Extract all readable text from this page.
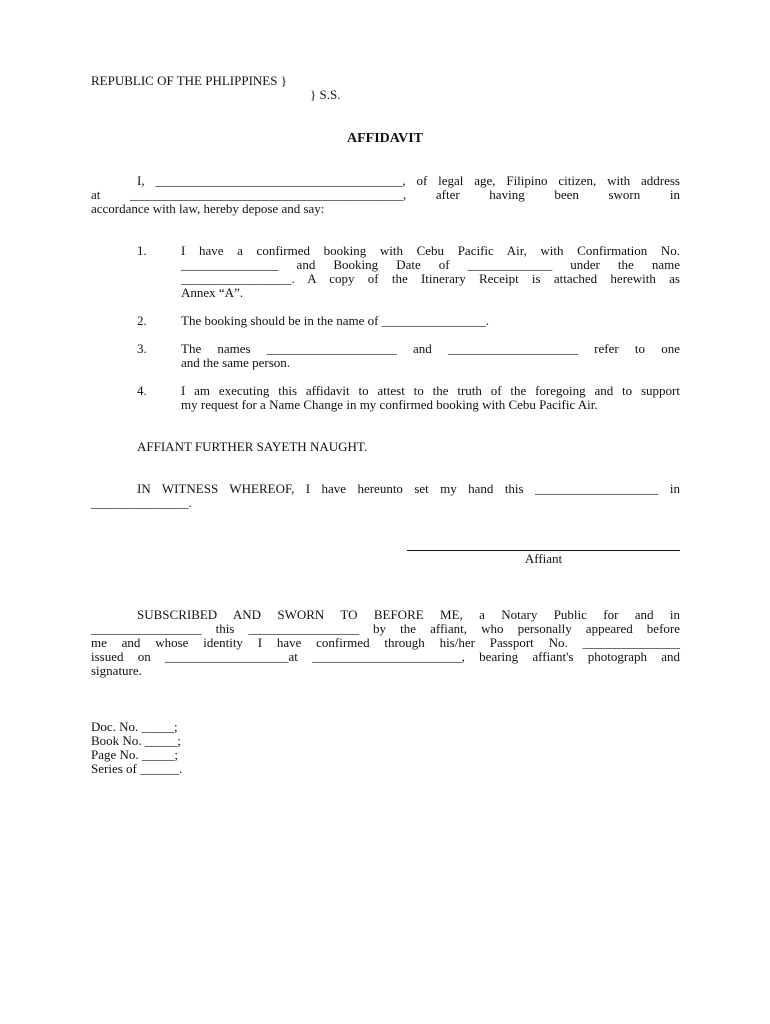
REPUBLIC OF THE PHLIPPINES }
} S.S.
AFFIDAVIT
I, ______________________________________, of legal age, Filipino citizen, with address
at __________________________________________, after having been sworn in
accordance with law, hereby depose and say:
1.	I have a confirmed booking with Cebu Pacific Air, with Confirmation No.
_______________ and Booking Date of _____________ under the name
_________________. A copy of the Itinerary Receipt is attached herewith as
Annex “A”.
2.	The booking should be in the name of ________________.
3.	The names ____________________ and ____________________ refer to one
and the same person.
4.	I am executing this affidavit to attest to the truth of the foregoing and to support
my request for a Name Change in my confirmed booking with Cebu Pacific Air.
AFFIANT FURTHER SAYETH NAUGHT.
IN WITNESS WHEREOF, I have hereunto set my hand this ___________________ in
_______________.
Affiant
SUBSCRIBED AND SWORN TO BEFORE ME, a Notary Public for and in
_________________ this _________________ by the affiant, who personally appeared before
me and whose identity I have confirmed through his/her Passport No. _______________
issued on ___________________at _______________________, bearing affiant's photograph and
signature.
Doc. No. _____;
Book No. _____;
Page No. _____;
Series of ______.
